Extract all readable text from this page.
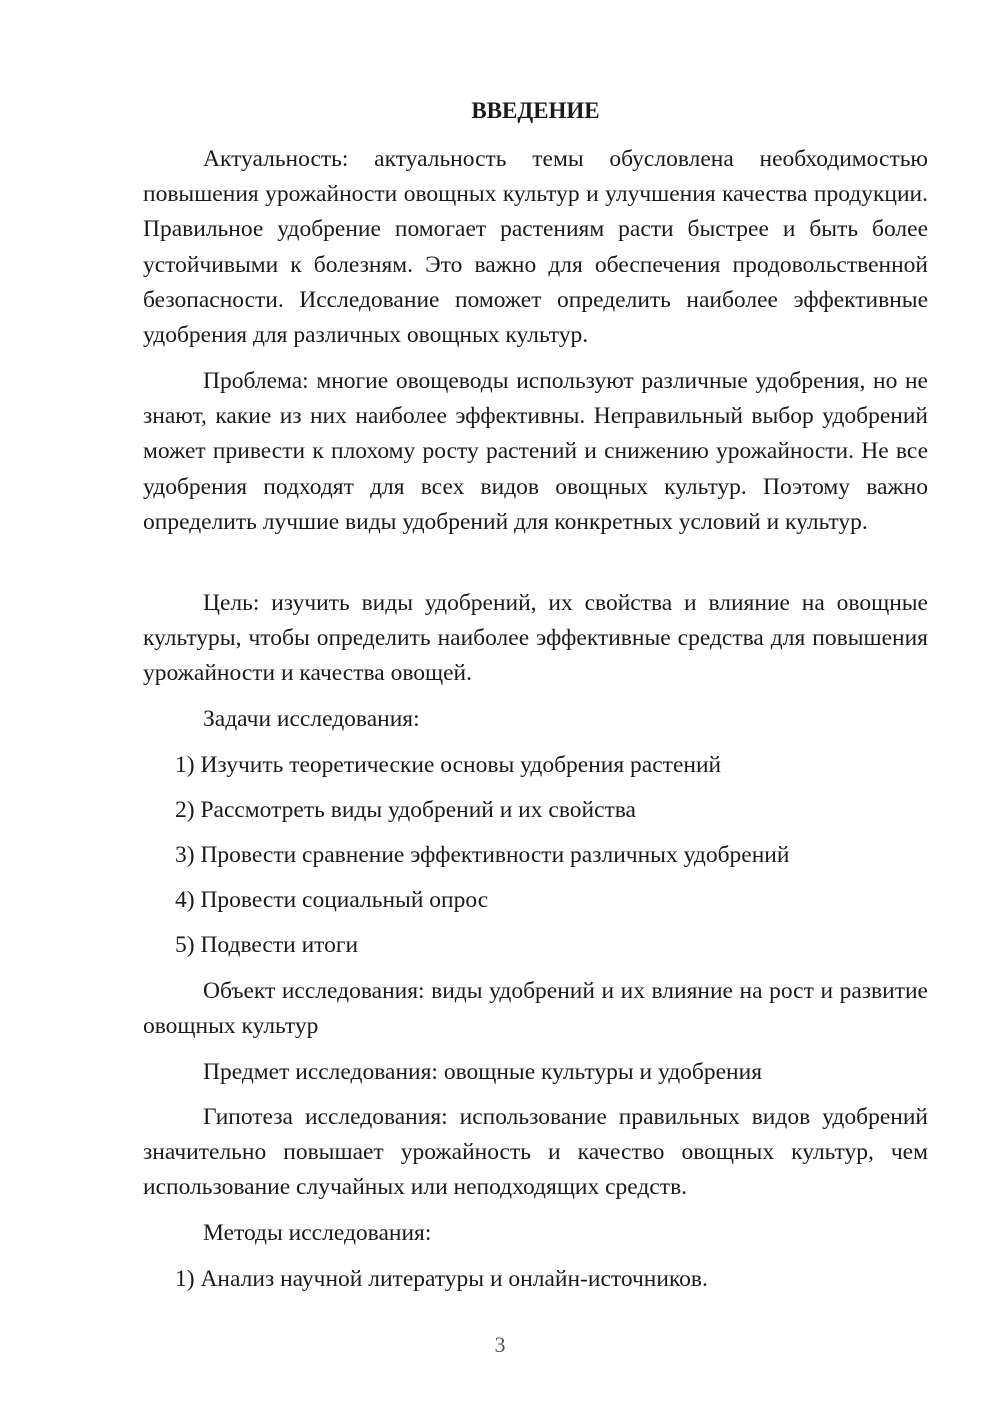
ВВЕДЕНИЕ

Актуальность: актуальность темы обусловлена необходимостью повышения урожайности овощных культур и улучшения качества продукции. Правильное удобрение помогает растениям расти быстрее и быть более устойчивыми к болезням. Это важно для обеспечения продовольственной безопасности. Исследование поможет определить наиболее эффективные удобрения для различных овощных культур.

Проблема: многие овощеводы используют различные удобрения, но не знают, какие из них наиболее эффективны. Неправильный выбор удобрений может привести к плохому росту растений и снижению урожайности. Не все удобрения подходят для всех видов овощных культур. Поэтому важно определить лучшие виды удобрений для конкретных условий и культур.

Цель: изучить виды удобрений, их свойства и влияние на овощные культуры, чтобы определить наиболее эффективные средства для повышения урожайности и качества овощей.

Задачи исследования:

1) Изучить теоретические основы удобрения растений

2) Рассмотреть виды удобрений и их свойства

3) Провести сравнение эффективности различных удобрений

4) Провести социальный опрос

5) Подвести итоги

Объект исследования: виды удобрений и их влияние на рост и развитие овощных культур

Предмет исследования: овощные культуры и удобрения

Гипотеза исследования: использование правильных видов удобрений значительно повышает урожайность и качество овощных культур, чем использование случайных или неподходящих средств.

Методы исследования:

1) Анализ научной литературы и онлайн-источников.

3
